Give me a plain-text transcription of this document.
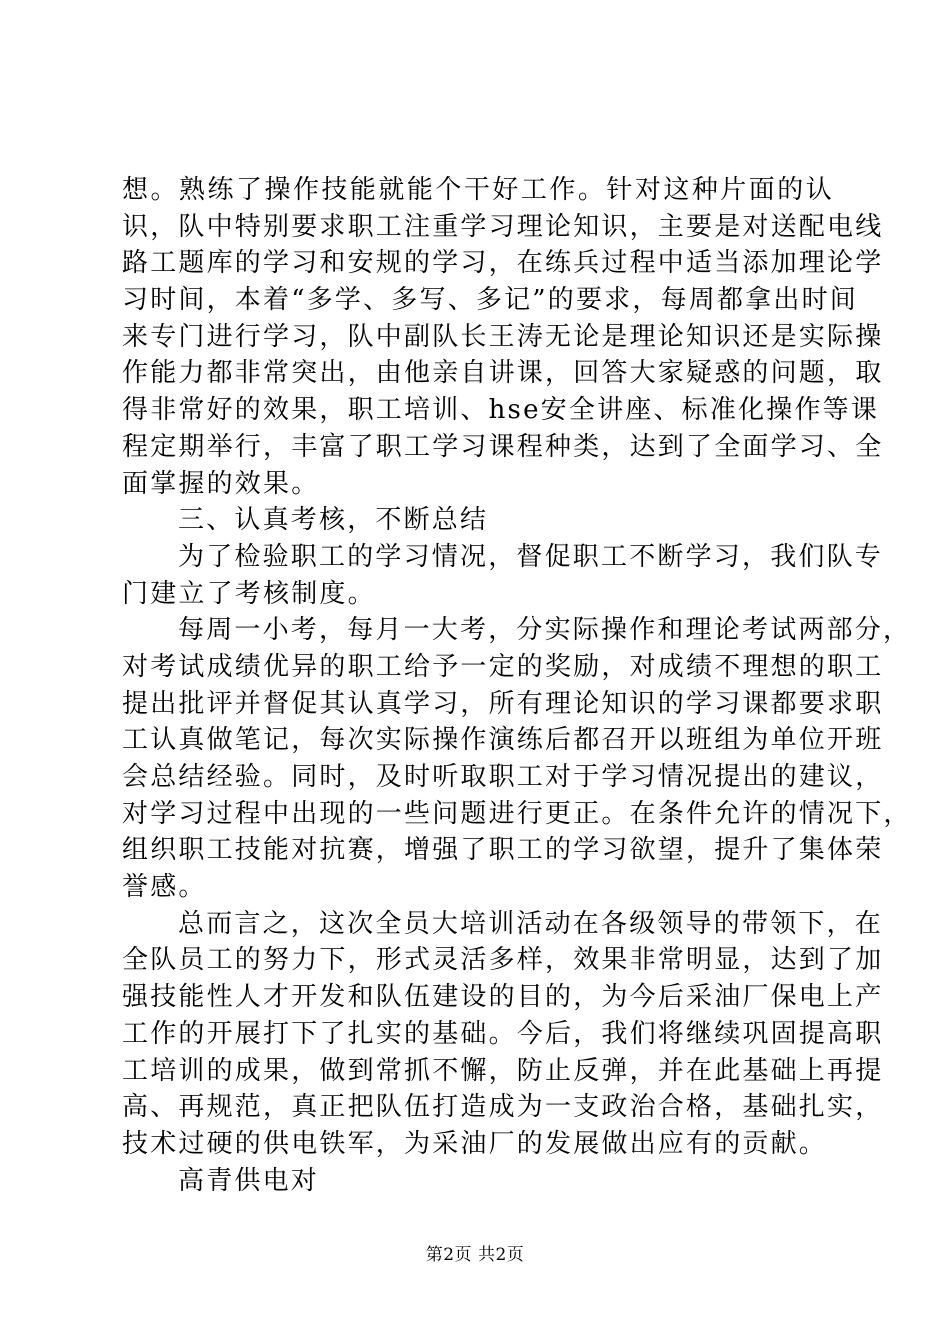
想。熟练了操作技能就能个干好工作。针对这种片面的认
识，队中特别要求职工注重学习理论知识，主要是对送配电线
路工题库的学习和安规的学习，在练兵过程中适当添加理论学
习时间，本着“多学、多写、多记”的要求，每周都拿出时间
来专门进行学习，队中副队长王涛无论是理论知识还是实际操
作能力都非常突出，由他亲自讲课，回答大家疑惑的问题，取
得非常好的效果，职工培训、hse安全讲座、标准化操作等课
程定期举行，丰富了职工学习课程种类，达到了全面学习、全
面掌握的效果。
三、认真考核，不断总结
为了检验职工的学习情况，督促职工不断学习，我们队专
门建立了考核制度。
每周一小考，每月一大考，分实际操作和理论考试两部分，
对考试成绩优异的职工给予一定的奖励，对成绩不理想的职工
提出批评并督促其认真学习，所有理论知识的学习课都要求职
工认真做笔记，每次实际操作演练后都召开以班组为单位开班
会总结经验。同时，及时听取职工对于学习情况提出的建议，
对学习过程中出现的一些问题进行更正。在条件允许的情况下，
组织职工技能对抗赛，增强了职工的学习欲望，提升了集体荣
誉感。
总而言之，这次全员大培训活动在各级领导的带领下，在
全队员工的努力下，形式灵活多样，效果非常明显，达到了加
强技能性人才开发和队伍建设的目的，为今后采油厂保电上产
工作的开展打下了扎实的基础。今后，我们将继续巩固提高职
工培训的成果，做到常抓不懈，防止反弹，并在此基础上再提
高、再规范，真正把队伍打造成为一支政治合格，基础扎实，
技术过硬的供电铁军，为采油厂的发展做出应有的贡献。
高青供电对
第2页 共2页
